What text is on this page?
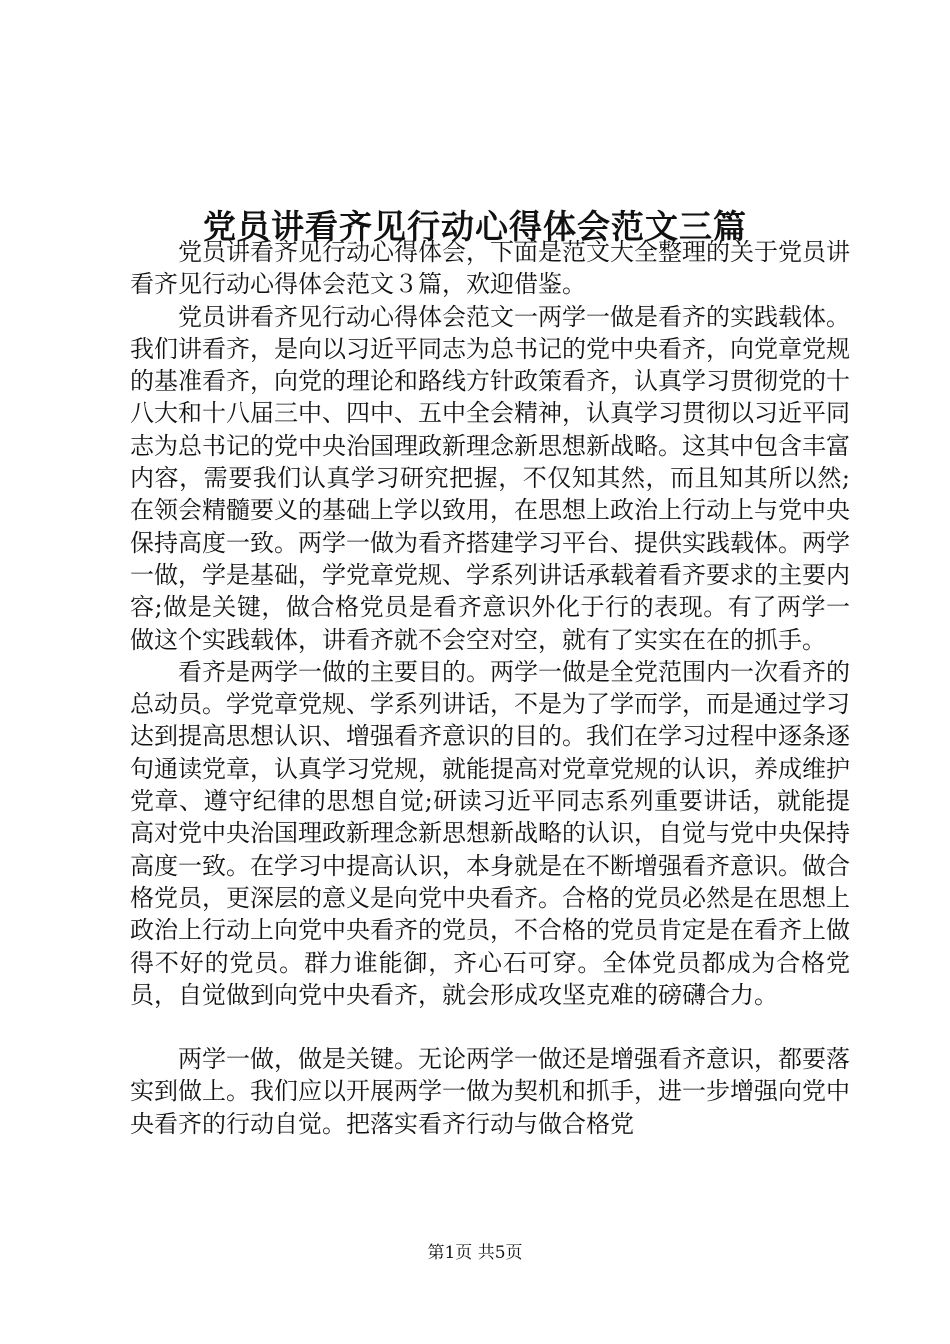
党员讲看齐见行动心得体会范文三篇

党员讲看齐见行动心得体会，下面是范文大全整理的关于党员讲看齐见行动心得体会范文３篇，欢迎借鉴。

党员讲看齐见行动心得体会范文一两学一做是看齐的实践载体。我们讲看齐，是向以习近平同志为总书记的党中央看齐，向党章党规的基准看齐，向党的理论和路线方针政策看齐，认真学习贯彻党的十八大和十八届三中、四中、五中全会精神，认真学习贯彻以习近平同志为总书记的党中央治国理政新理念新思想新战略。这其中包含丰富内容，需要我们认真学习研究把握，不仅知其然，而且知其所以然;在领会精髓要义的基础上学以致用，在思想上政治上行动上与党中央保持高度一致。两学一做为看齐搭建学习平台、提供实践载体。两学一做，学是基础，学党章党规、学系列讲话承载着看齐要求的主要内容;做是关键，做合格党员是看齐意识外化于行的表现。有了两学一做这个实践载体，讲看齐就不会空对空，就有了实实在在的抓手。

看齐是两学一做的主要目的。两学一做是全党范围内一次看齐的总动员。学党章党规、学系列讲话，不是为了学而学，而是通过学习达到提高思想认识、增强看齐意识的目的。我们在学习过程中逐条逐句通读党章，认真学习党规，就能提高对党章党规的认识，养成维护党章、遵守纪律的思想自觉;研读习近平同志系列重要讲话，就能提高对党中央治国理政新理念新思想新战略的认识，自觉与党中央保持高度一致。在学习中提高认识，本身就是在不断增强看齐意识。做合格党员，更深层的意义是向党中央看齐。合格的党员必然是在思想上政治上行动上向党中央看齐的党员，不合格的党员肯定是在看齐上做得不好的党员。群力谁能御，齐心石可穿。全体党员都成为合格党员，自觉做到向党中央看齐，就会形成攻坚克难的磅礴合力。

两学一做，做是关键。无论两学一做还是增强看齐意识，都要落实到做上。我们应以开展两学一做为契机和抓手，进一步增强向党中央看齐的行动自觉。把落实看齐行动与做合格党

第1页 共5页
